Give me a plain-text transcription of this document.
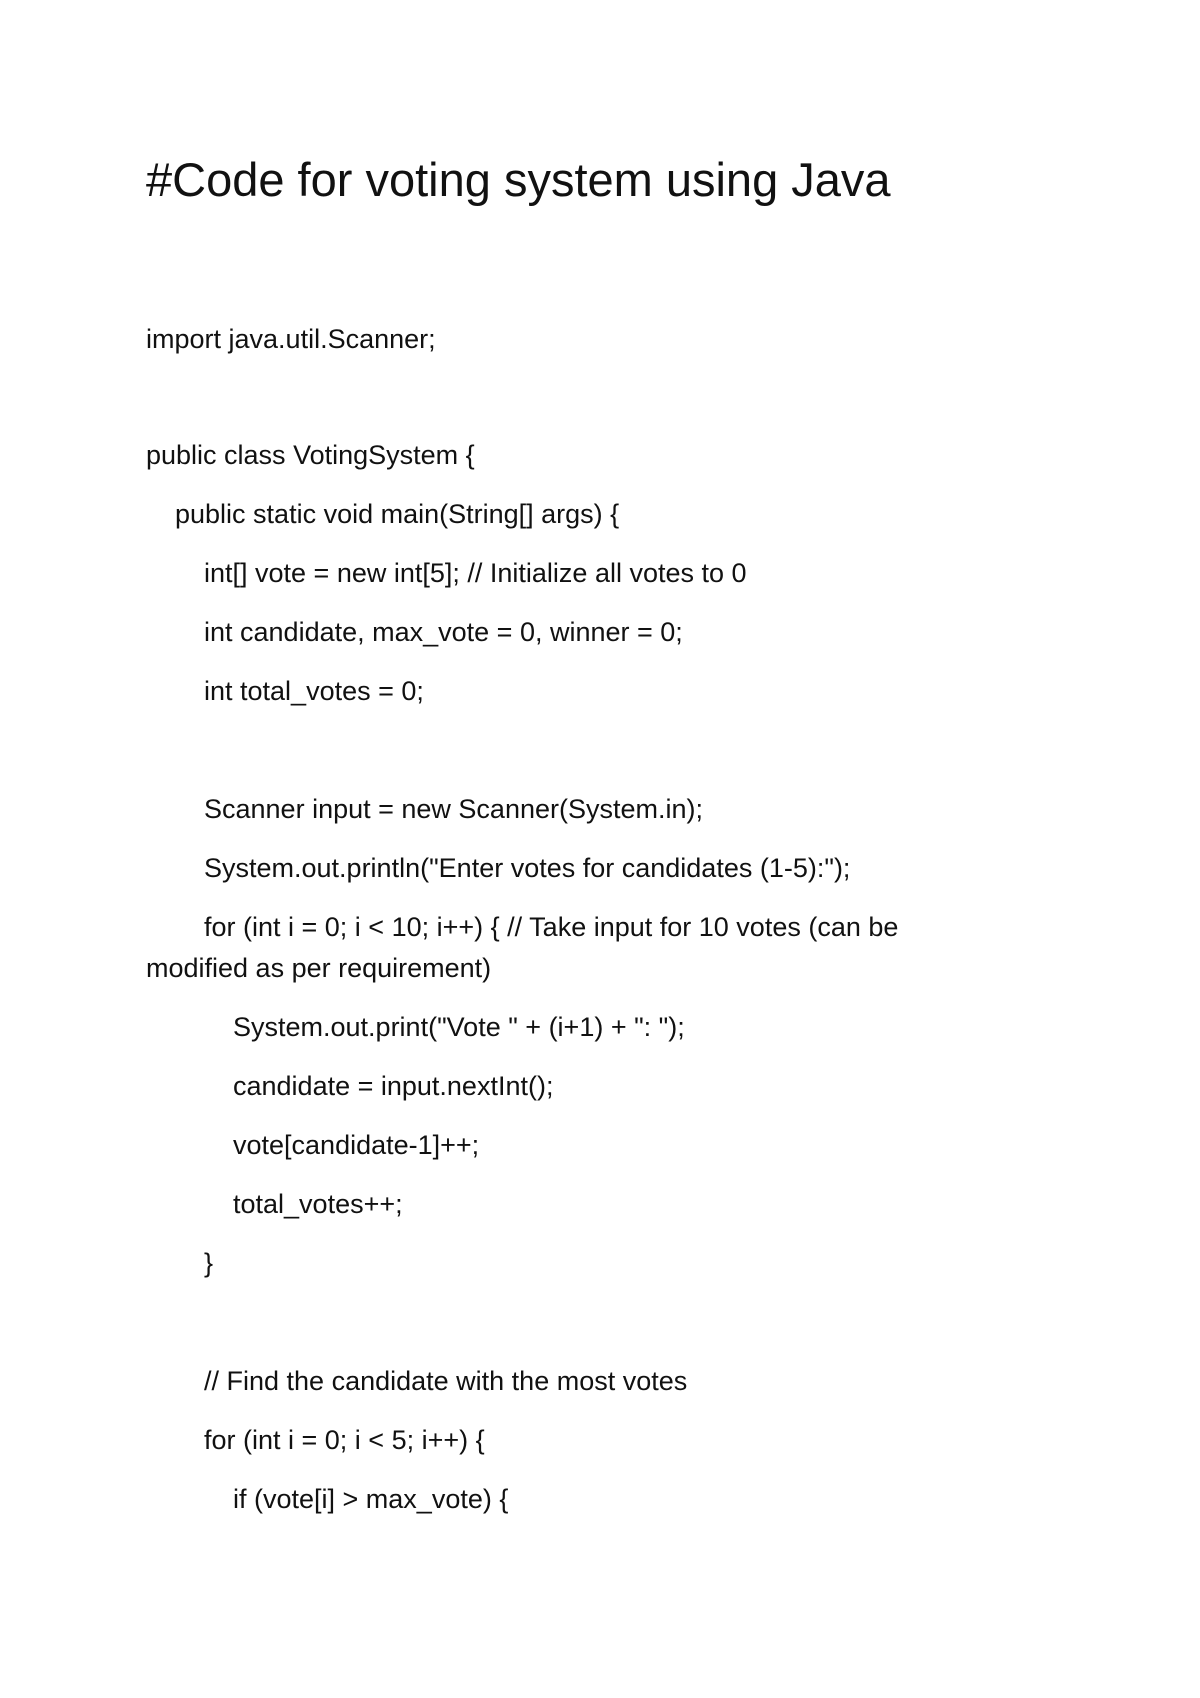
#Code for voting system using Java

import java.util.Scanner;

public class VotingSystem {

public static void main(String[] args) {

int[] vote = new int[5]; // Initialize all votes to 0

int candidate, max_vote = 0, winner = 0;

int total_votes = 0;

Scanner input = new Scanner(System.in);

System.out.println("Enter votes for candidates (1-5):");

for (int i = 0; i < 10; i++) { // Take input for 10 votes (can be

modified as per requirement)

System.out.print("Vote " + (i+1) + ": ");

candidate = input.nextInt();

vote[candidate-1]++;

total_votes++;

}

// Find the candidate with the most votes

for (int i = 0; i < 5; i++) {

if (vote[i] > max_vote) {
